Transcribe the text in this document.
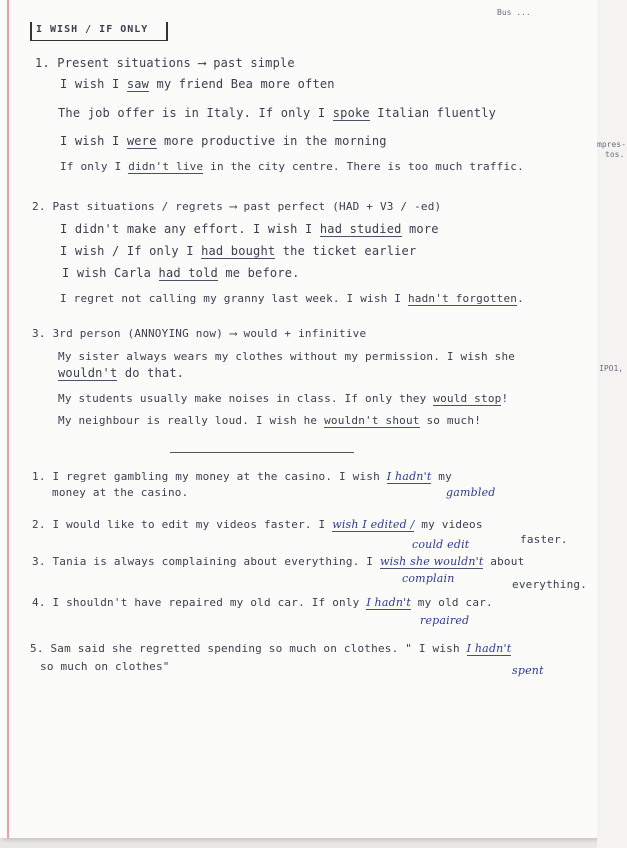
I WISH / IF ONLY
Bus ...
1. Present situations ⟶ past simple
I wish I saw my friend Bea more often
The job offer is in Italy. If only I spoke Italian fluently
I wish I were more productive in the morning
If only I didn't live in the city centre. There is too much traffic.
2. Past situations / regrets ⟶ past perfect (HAD + V3 / -ed)
I didn't make any effort. I wish I had studied more
I wish / If only I had bought the ticket earlier
I wish Carla had told me before.
I regret not calling my granny last week. I wish I hadn't forgotten.
3. 3rd person (ANNOYING now) ⟶ would + infinitive
My sister always wears my clothes without my permission. I wish she
wouldn't do that.
My students usually make noises in class. If only they would stop!
My neighbour is really loud. I wish he wouldn't shout so much!
1. I regret gambling my money at the casino. I wish I hadn't my
money at the casino.	gambled
2. I would like to edit my videos faster. I wish I edited / my videos
could edit	faster.
3. Tania is always complaining about everything. I wish she wouldn't about
complain	everything.
4. I shouldn't have repaired my old car. If only I hadn't my old car.
repaired
5. Sam said she regretted spending so much on clothes. " I wish I hadn't
so much on clothes"	spent
mpres-
tos.
IPO1,
